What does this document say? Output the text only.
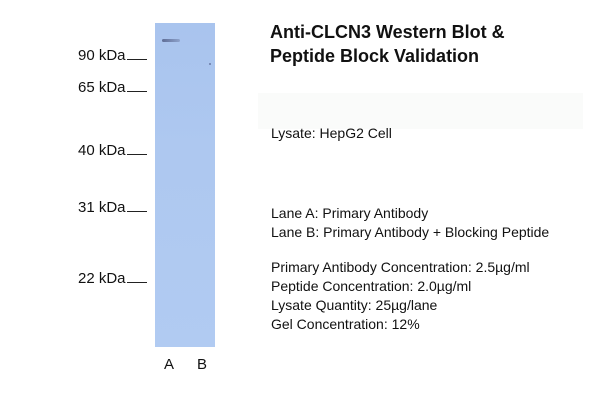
90 kDa
65 kDa
40 kDa
31 kDa
22 kDa
A B
Anti-CLCN3 Western Blot &
Peptide Block Validation
Lysate: HepG2 Cell
Lane A: Primary Antibody
Lane B: Primary Antibody + Blocking Peptide
Primary Antibody Concentration: 2.5µg/ml
Peptide Concentration: 2.0µg/ml
Lysate Quantity: 25µg/lane
Gel Concentration: 12%
